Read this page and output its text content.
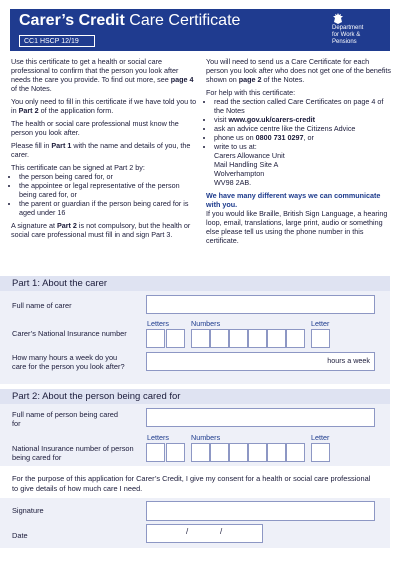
Carer’s Credit Care Certificate
CC1 HSCP 12/19
Department
for Work &
Pensions

Use this certificate to get a health or social care professional to confirm that the person you look after needs the care you provide. To find out more, see page 4 of the Notes.

You only need to fill in this certificate if we have told you to in Part 2 of the application form.

The health or social care professional must know the person you look after.

Please fill in Part 1 with the name and details of you, the carer.

This certificate can be signed at Part 2 by:

• the person being cared for, or
• the appointee or legal representative of the person being cared for, or
• the parent or guardian if the person being cared for is aged under 16

A signature at Part 2 is not compulsory, but the health or social care professional must fill in and sign Part 3.

You will need to send us a Care Certificate for each person you look after who does not get one of the benefits shown on page 2 of the Notes.

For help with this certificate:

• read the section called Care Certificates on page 4 of the Notes
• visit www.gov.uk/carers-credit
• ask an advice centre like the Citizens Advice
• phone us on 0800 731 0297, or
• write to us at:
Carers Allowance Unit
Mail Handling Site A
Wolverhampton
WV98 2AB.

We have many different ways we can communicate with you.

If you would like Braille, British Sign Language, a hearing loop, email, translations, large print, audio or something else please tell us using the phone number in this certificate.

Part 1: About the carer
Full name of carer
Letters	Numbers	Letter
Carer’s National Insurance number
How many hours a week do you care for the person you look after?
hours a week
Part 2: About the person being cared for
Full name of person being cared for
Letters	Numbers	Letter
National Insurance number of person being cared for
For the purpose of this application for Carer’s Credit, I give my consent for a health or social care professional to give details of how much care I need.
Signature
Date	/	/
